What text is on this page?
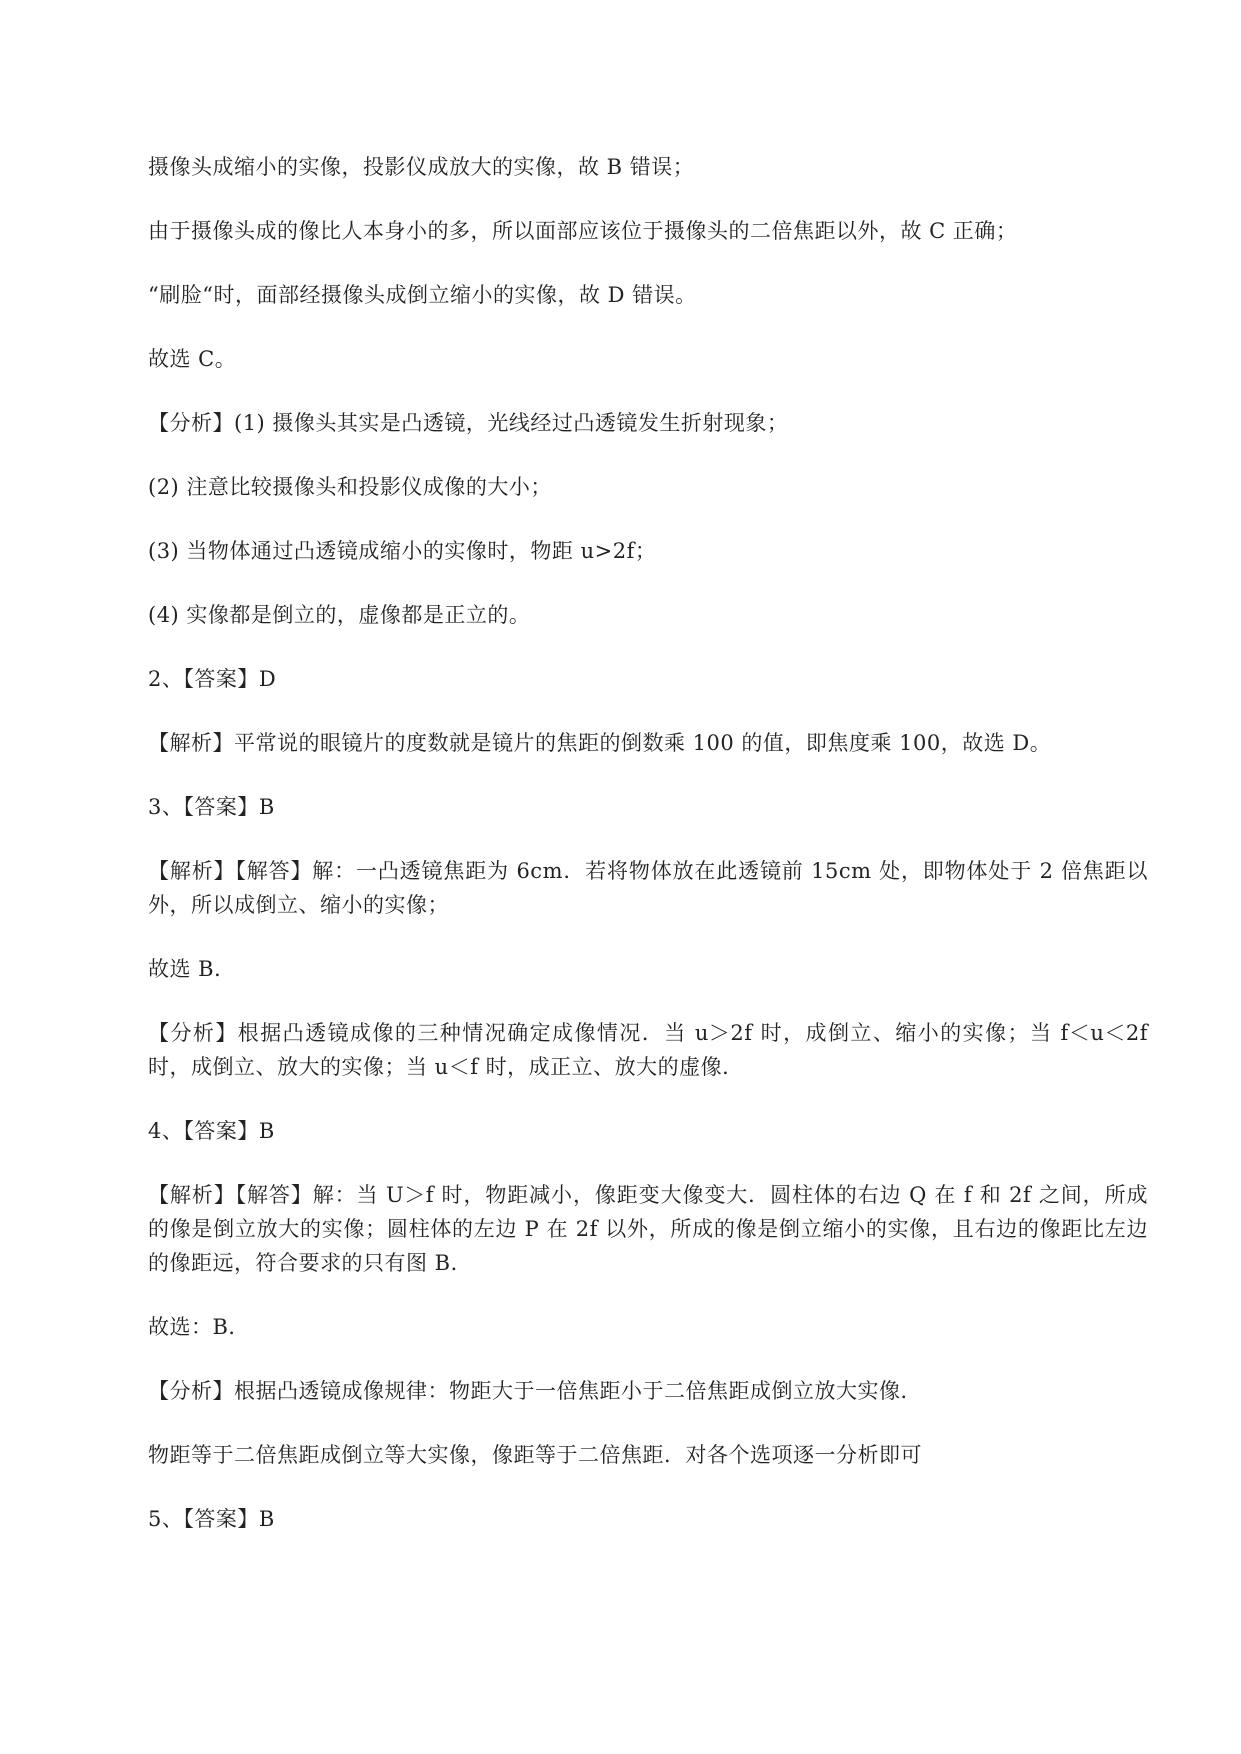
摄像头成缩小的实像，投影仪成放大的实像，故 B 错误；

由于摄像头成的像比人本身小的多，所以面部应该位于摄像头的二倍焦距以外，故 C 正确；

“刷脸“时，面部经摄像头成倒立缩小的实像，故 D 错误。

故选 C。

【分析】(1) 摄像头其实是凸透镜，光线经过凸透镜发生折射现象；

(2) 注意比较摄像头和投影仪成像的大小；

(3) 当物体通过凸透镜成缩小的实像时，物距 u>2f；

(4) 实像都是倒立的，虚像都是正立的。

2、【答案】D

【解析】平常说的眼镜片的度数就是镜片的焦距的倒数乘 100 的值，即焦度乘 100，故选 D。

3、【答案】B

【解析】【解答】解：一凸透镜焦距为 6cm．若将物体放在此透镜前 15cm 处，即物体处于 2 倍焦距以外，所以成倒立、缩小的实像；

故选 B．

【分析】根据凸透镜成像的三种情况确定成像情况．当 u＞2f 时，成倒立、缩小的实像；当 f＜u＜2f 时，成倒立、放大的实像；当 u＜f 时，成正立、放大的虚像．

4、【答案】B

【解析】【解答】解：当 U＞f 时，物距减小，像距变大像变大．圆柱体的右边 Q 在 f 和 2f 之间，所成的像是倒立放大的实像；圆柱体的左边 P 在 2f 以外，所成的像是倒立缩小的实像，且右边的像距比左边的像距远，符合要求的只有图 B．

故选：B．

【分析】根据凸透镜成像规律：物距大于一倍焦距小于二倍焦距成倒立放大实像．

物距等于二倍焦距成倒立等大实像，像距等于二倍焦距．对各个选项逐一分析即可

5、【答案】B
